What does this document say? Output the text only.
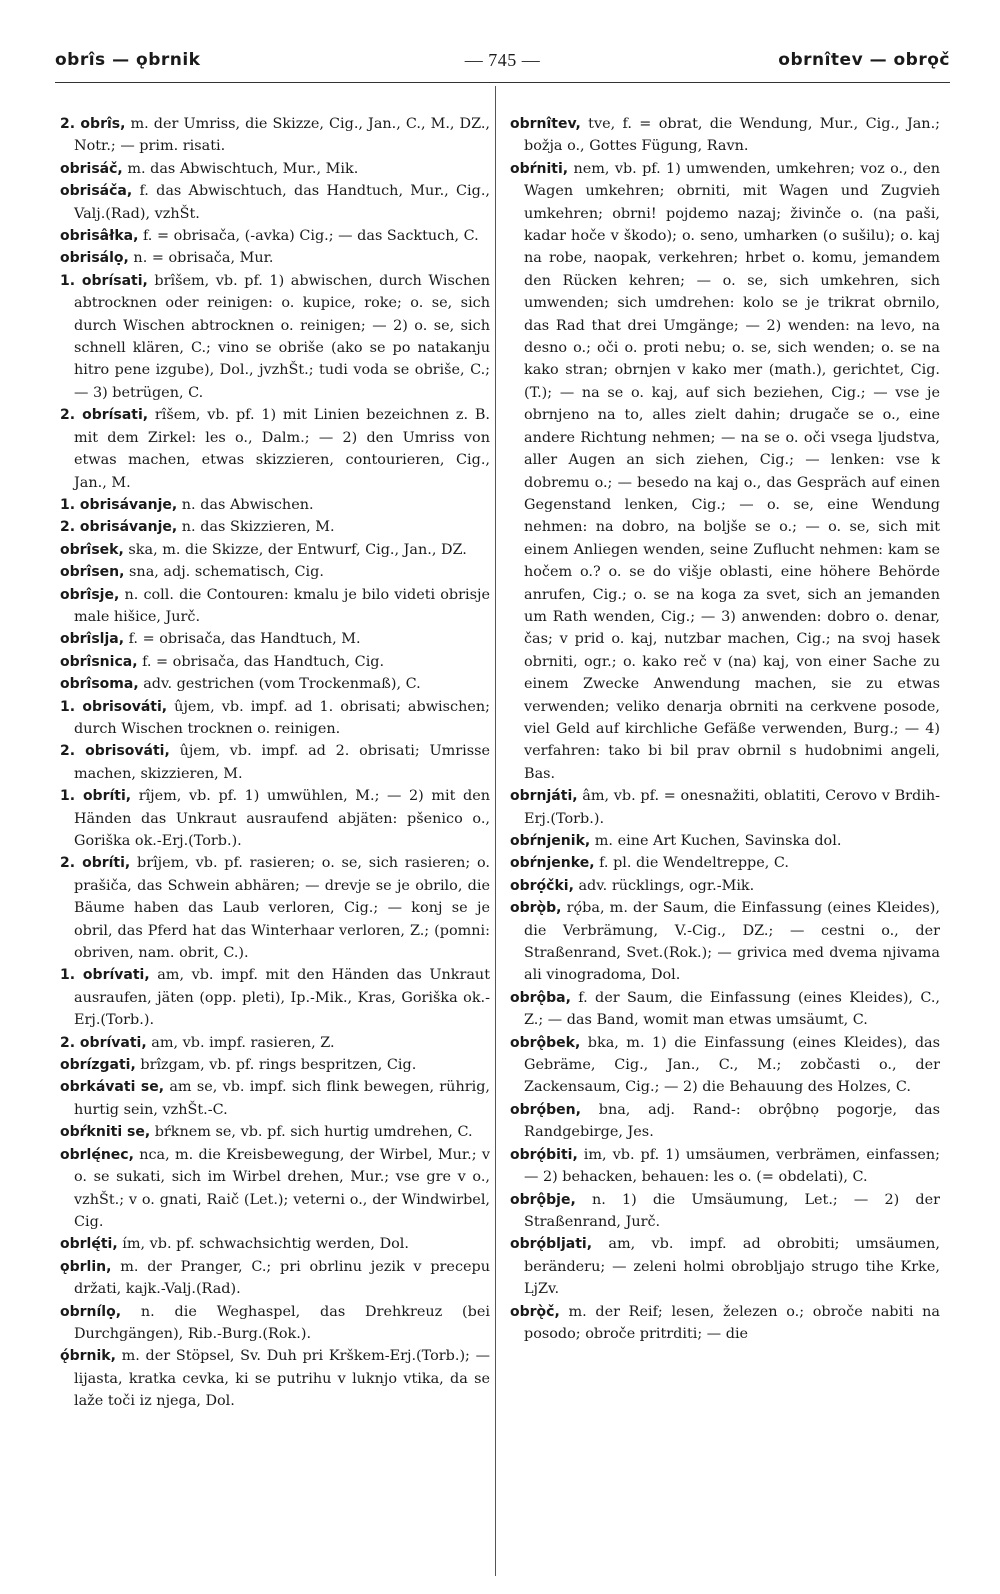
obrîs — ǫbrnik	— 745 —	obrnîtev — obrǫč

2. obrîs, m. der Umriss, die Skizze, Cig., Jan., C., M., DZ., Notr.; — prim. risati.

obrisáč, m. das Abwischtuch, Mur., Mik.

obrisáča, f. das Abwischtuch, das Handtuch, Mur., Cig., Valj.(Rad), vzhŠt.

obrisâłka, f. = obrisača, (-avka) Cig.; — das Sacktuch, C.

obrisálọ, n. = obrisača, Mur.

1. obrísati, brîšem, vb. pf. 1) abwischen, durch Wischen abtrocknen oder reinigen: o. kupice, roke; o. se, sich durch Wischen abtrocknen o. reinigen; — 2) o. se, sich schnell klären, C.; vino se obriše (ako se po natakanju hitro pene izgube), Dol., jvzhŠt.; tudi voda se obriše, C.; — 3) betrügen, C.

2. obrísati, rîšem, vb. pf. 1) mit Linien bezeichnen z. B. mit dem Zirkel: les o., Dalm.; — 2) den Umriss von etwas machen, etwas skizzieren, contourieren, Cig., Jan., M.

1. obrisávanje, n. das Abwischen.

2. obrisávanje, n. das Skizzieren, M.

obrîsek, ska, m. die Skizze, der Entwurf, Cig., Jan., DZ.

obrîsen, sna, adj. schematisch, Cig.

obrîsje, n. coll. die Contouren: kmalu je bilo videti obrisje male hišice, Jurč.

obrîslja, f. = obrisača, das Handtuch, M.

obrîsnica, f. = obrisača, das Handtuch, Cig.

obrîsoma, adv. gestrichen (vom Trockenmaß), C.

1. obrisováti, ûjem, vb. impf. ad 1. obrisati; abwischen; durch Wischen trocknen o. reinigen.

2. obrisováti, ûjem, vb. impf. ad 2. obrisati; Umrisse machen, skizzieren, M.

1. obríti, rîjem, vb. pf. 1) umwühlen, M.; — 2) mit den Händen das Unkraut ausraufend abjäten: pšenico o., Goriška ok.-Erj.(Torb.).

2. obríti, brîjem, vb. pf. rasieren; o. se, sich rasieren; o. prašiča, das Schwein abhären; — drevje se je obrilo, die Bäume haben das Laub verloren, Cig.; — konj se je obril, das Pferd hat das Winterhaar verloren, Z.; (pomni: obriven, nam. obrit, C.).

1. obrívati, am, vb. impf. mit den Händen das Unkraut ausraufen, jäten (opp. pleti), Ip.-Mik., Kras, Goriška ok.-Erj.(Torb.).

2. obrívati, am, vb. impf. rasieren, Z.

obrízgati, brîzgam, vb. pf. rings bespritzen, Cig.

obrkávati se, am se, vb. impf. sich flink bewegen, rührig, hurtig sein, vzhŠt.-C.

obŕkniti se, bŕknem se, vb. pf. sich hurtig umdrehen, C.

obrlę́nec, nca, m. die Kreisbewegung, der Wirbel, Mur.; v o. se sukati, sich im Wirbel drehen, Mur.; vse gre v o., vzhŠt.; v o. gnati, Raič (Let.); veterni o., der Windwirbel, Cig.

obrlę́ti, ím, vb. pf. schwachsichtig werden, Dol.

ǫbrlin, m. der Pranger, C.; pri obrlinu jezik v precepu držati, kajk.-Valj.(Rad).

obrnílọ, n. die Weghaspel, das Drehkreuz (bei Durchgängen), Rib.-Burg.(Rok.).

ǫ́brnik, m. der Stöpsel, Sv. Duh pri Krškem-Erj.(Torb.); — lijasta, kratka cevka, ki se putrihu v luknjo vtika, da se laže toči iz njega, Dol.

obrnîtev, tve, f. = obrat, die Wendung, Mur., Cig., Jan.; božja o., Gottes Fügung, Ravn.

obŕniti, nem, vb. pf. 1) umwenden, umkehren; voz o., den Wagen umkehren; obrniti, mit Wagen und Zugvieh umkehren; obrni! pojdemo nazaj; živinče o. (na paši, kadar hoče v škodo); o. seno, umharken (o sušilu); o. kaj na robe, naopak, verkehren; hrbet o. komu, jemandem den Rücken kehren; — o. se, sich umkehren, sich umwenden; sich umdrehen: kolo se je trikrat obrnilo, das Rad that drei Umgänge; — 2) wenden: na levo, na desno o.; oči o. proti nebu; o. se, sich wenden; o. se na kako stran; obrnjen v kako mer (math.), gerichtet, Cig.(T.); — na se o. kaj, auf sich beziehen, Cig.; — vse je obrnjeno na to, alles zielt dahin; drugače se o., eine andere Richtung nehmen; — na se o. oči vsega ljudstva, aller Augen an sich ziehen, Cig.; — lenken: vse k dobremu o.; — besedo na kaj o., das Gespräch auf einen Gegenstand lenken, Cig.; — o. se, eine Wendung nehmen: na dobro, na boljše se o.; — o. se, sich mit einem Anliegen wenden, seine Zuflucht nehmen: kam se hočem o.? o. se do višje oblasti, eine höhere Behörde anrufen, Cig.; o. se na koga za svet, sich an jemanden um Rath wenden, Cig.; — 3) anwenden: dobro o. denar, čas; v prid o. kaj, nutzbar machen, Cig.; na svoj hasek obrniti, ogr.; o. kako reč v (na) kaj, von einer Sache zu einem Zwecke Anwendung machen, sie zu etwas verwenden; veliko denarja obrniti na cerkvene posode, viel Geld auf kirchliche Gefäße verwenden, Burg.; — 4) verfahren: tako bi bil prav obrnil s hudobnimi angeli, Bas.

obrnjáti, âm, vb. pf. = onesnažiti, oblatiti, Cerovo v Brdih-Erj.(Torb.).

obŕnjenik, m. eine Art Kuchen, Savinska dol.

obŕnjenke, f. pl. die Wendeltreppe, C.

obrọ́čki, adv. rücklings, ogr.-Mik.

obrǫ̀b, rǫ́ba, m. der Saum, die Einfassung (eines Kleides), die Verbrämung, V.-Cig., DZ.; — cestni o., der Straßenrand, Svet.(Rok.); — grivica med dvema njivama ali vinogradoma, Dol.

obrǫ̂ba, f. der Saum, die Einfassung (eines Kleides), C., Z.; — das Band, womit man etwas umsäumt, C.

obrǫ̂bek, bka, m. 1) die Einfassung (eines Kleides), das Gebräme, Cig., Jan., C., M.; zobčasti o., der Zackensaum, Cig.; — 2) die Behauung des Holzes, C.

obrǫ́ben, bna, adj. Rand-: obrǫ̂bnọ pogorje, das Randgebirge, Jes.

obrǫ́biti, im, vb. pf. 1) umsäumen, verbrämen, einfassen; — 2) behacken, behauen: les o. (= obdelati), C.

obrǫ̂bje, n. 1) die Umsäumung, Let.; — 2) der Straßenrand, Jurč.

obrǫ́bljati, am, vb. impf. ad obrobiti; umsäumen, beränderu; — zeleni holmi obrobljajo strugo tihe Krke, LjZv.

obrǫ̀č, m. der Reif; lesen, železen o.; obroče nabiti na posodo; obroče pritrditi; — die
